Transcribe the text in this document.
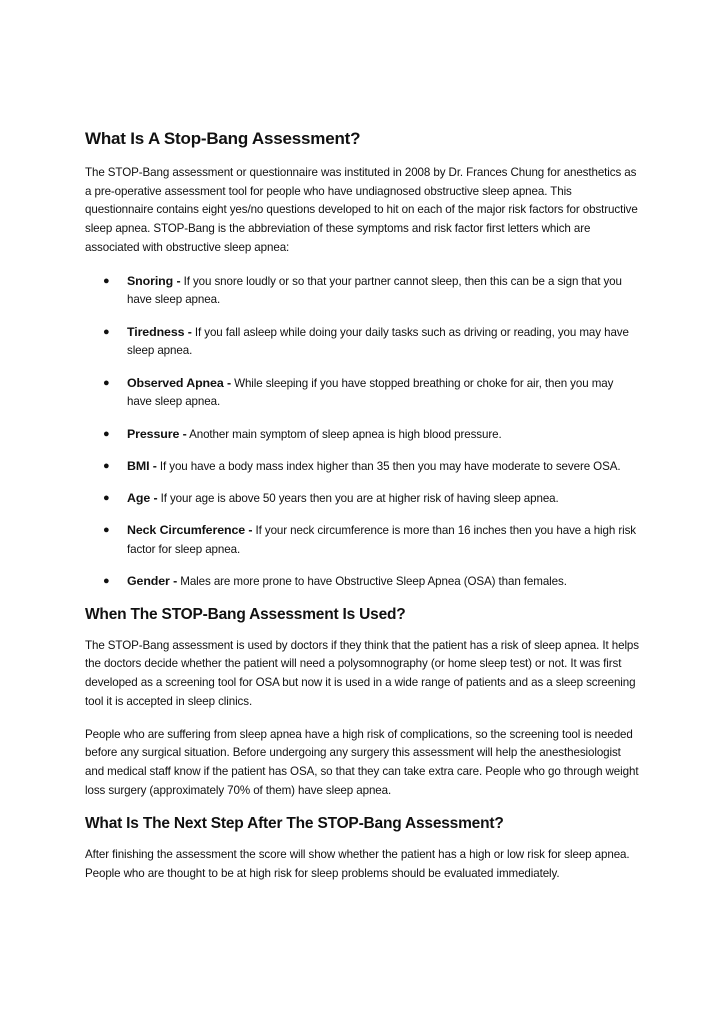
What Is A Stop-Bang Assessment?

The STOP-Bang assessment or questionnaire was instituted in 2008 by Dr. Frances Chung for anesthetics as a pre-operative assessment tool for people who have undiagnosed obstructive sleep apnea. This questionnaire contains eight yes/no questions developed to hit on each of the major risk factors for obstructive sleep apnea. STOP-Bang is the abbreviation of these symptoms and risk factor first letters which are associated with obstructive sleep apnea:

● Snoring - If you snore loudly or so that your partner cannot sleep, then this can be a sign that you have sleep apnea.
● Tiredness - If you fall asleep while doing your daily tasks such as driving or reading, you may have sleep apnea.
● Observed Apnea - While sleeping if you have stopped breathing or choke for air, then you may have sleep apnea.
● Pressure - Another main symptom of sleep apnea is high blood pressure.
● BMI - If you have a body mass index higher than 35 then you may have moderate to severe OSA.
● Age - If your age is above 50 years then you are at higher risk of having sleep apnea.
● Neck Circumference - If your neck circumference is more than 16 inches then you have a high risk factor for sleep apnea.
● Gender - Males are more prone to have Obstructive Sleep Apnea (OSA) than females.
When The STOP-Bang Assessment Is Used?

The STOP-Bang assessment is used by doctors if they think that the patient has a risk of sleep apnea. It helps the doctors decide whether the patient will need a polysomnography (or home sleep test) or not. It was first developed as a screening tool for OSA but now it is used in a wide range of patients and as a sleep screening tool it is accepted in sleep clinics.

People who are suffering from sleep apnea have a high risk of complications, so the screening tool is needed before any surgical situation. Before undergoing any surgery this assessment will help the anesthesiologist and medical staff know if the patient has OSA, so that they can take extra care. People who go through weight loss surgery (approximately 70% of them) have sleep apnea.

What Is The Next Step After The STOP-Bang Assessment?

After finishing the assessment the score will show whether the patient has a high or low risk for sleep apnea. People who are thought to be at high risk for sleep problems should be evaluated immediately.
